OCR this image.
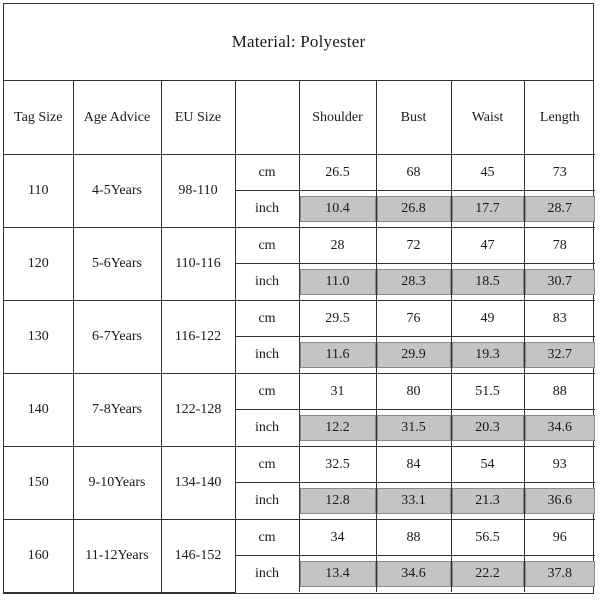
Material: Polyester
Tag Size	Age Advice	EU Size		Shoulder	Bust	Waist	Length
110	4-5Years	98-110	cm	26.5	68	45	73
			inch	10.4	26.8	17.7	28.7

120	5-6Years	110-116	cm	28	72	47	78
			inch	11.0	28.3	18.5	30.7

130	6-7Years	116-122	cm	29.5	76	49	83
			inch	11.6	29.9	19.3	32.7

140	7-8Years	122-128	cm	31	80	51.5	88
			inch	12.2	31.5	20.3	34.6

150	9-10Years	134-140	cm	32.5	84	54	93
			inch	12.8	33.1	21.3	36.6

160	11-12Years	146-152	cm	34	88	56.5	96
			inch	13.4	34.6	22.2	37.8
